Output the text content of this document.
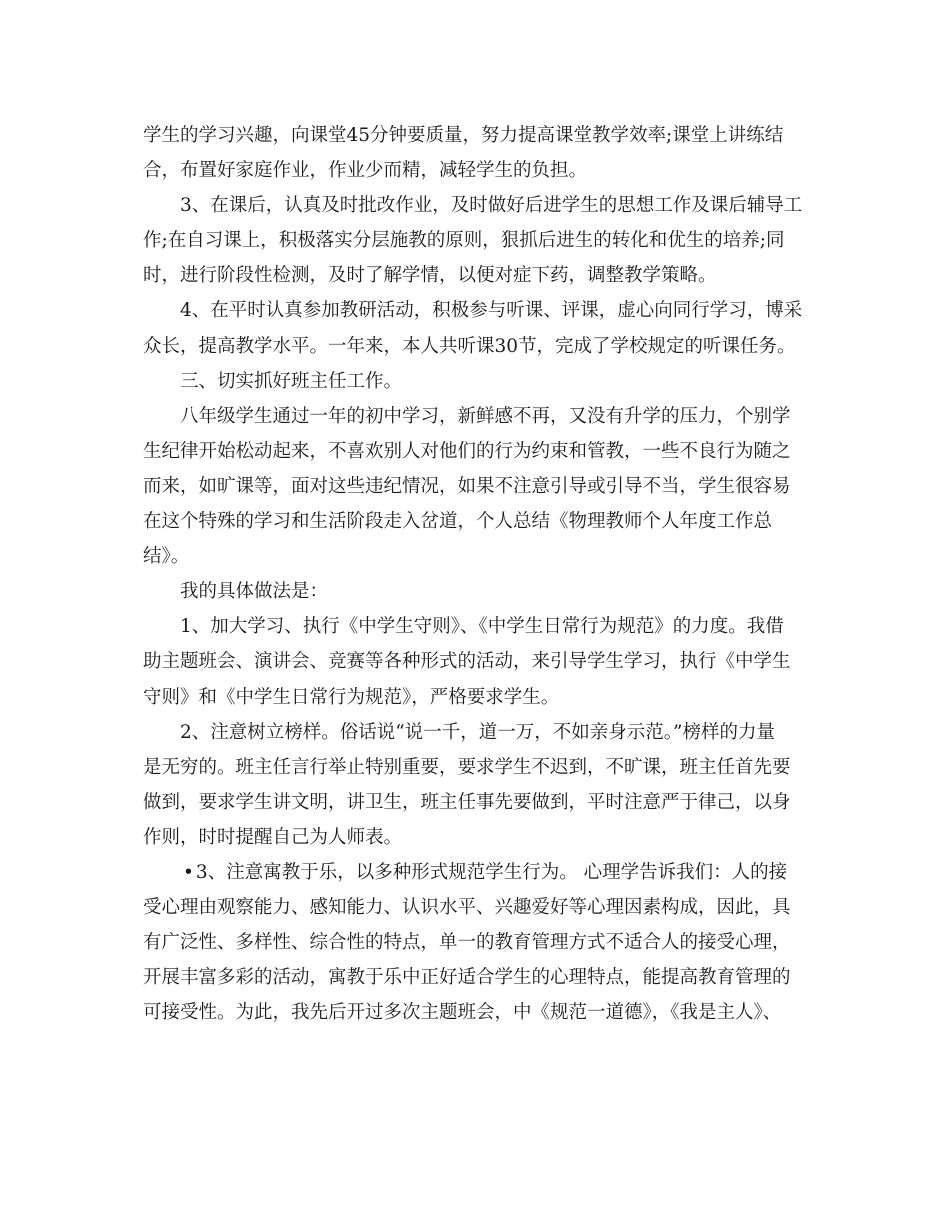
学生的学习兴趣，向课堂45分钟要质量，努力提高课堂教学效率;课堂上讲练结
合，布置好家庭作业，作业少而精，减轻学生的负担。
　　3、在课后，认真及时批改作业，及时做好后进学生的思想工作及课后辅导工
作;在自习课上，积极落实分层施教的原则，狠抓后进生的转化和优生的培养;同
时，进行阶段性检测，及时了解学情，以便对症下药，调整教学策略。
　　4、在平时认真参加教研活动，积极参与听课、评课，虚心向同行学习，博采
众长，提高教学水平。一年来，本人共听课30节，完成了学校规定的听课任务。
　　三、切实抓好班主任工作。
　　八年级学生通过一年的初中学习，新鲜感不再，又没有升学的压力，个别学
生纪律开始松动起来，不喜欢别人对他们的行为约束和管教，一些不良行为随之
而来，如旷课等，面对这些违纪情况，如果不注意引导或引导不当，学生很容易
在这个特殊的学习和生活阶段走入岔道，个人总结《物理教师个人年度工作总
结》。
　　我的具体做法是：
　　1、加大学习、执行《中学生守则》、《中学生日常行为规范》的力度。我借
助主题班会、演讲会、竞赛等各种形式的活动，来引导学生学习，执行《中学生
守则》和《中学生日常行为规范》，严格要求学生。
　　2、注意树立榜样。俗话说“说一千，道一万，不如亲身示范。”榜样的力量
是无穷的。班主任言行举止特别重要，要求学生不迟到，不旷课，班主任首先要
做到，要求学生讲文明，讲卫生，班主任事先要做到，平时注意严于律己，以身
作则，时时提醒自己为人师表。
• 3、注意寓教于乐，以多种形式规范学生行为。 心理学告诉我们：人的接
受心理由观察能力、感知能力、认识水平、兴趣爱好等心理因素构成，因此，具
有广泛性、多样性、综合性的特点，单一的教育管理方式不适合人的接受心理，
开展丰富多彩的活动，寓教于乐中正好适合学生的心理特点，能提高教育管理的
可接受性。为此，我先后开过多次主题班会，中《规范一道德》，《我是主人》、
